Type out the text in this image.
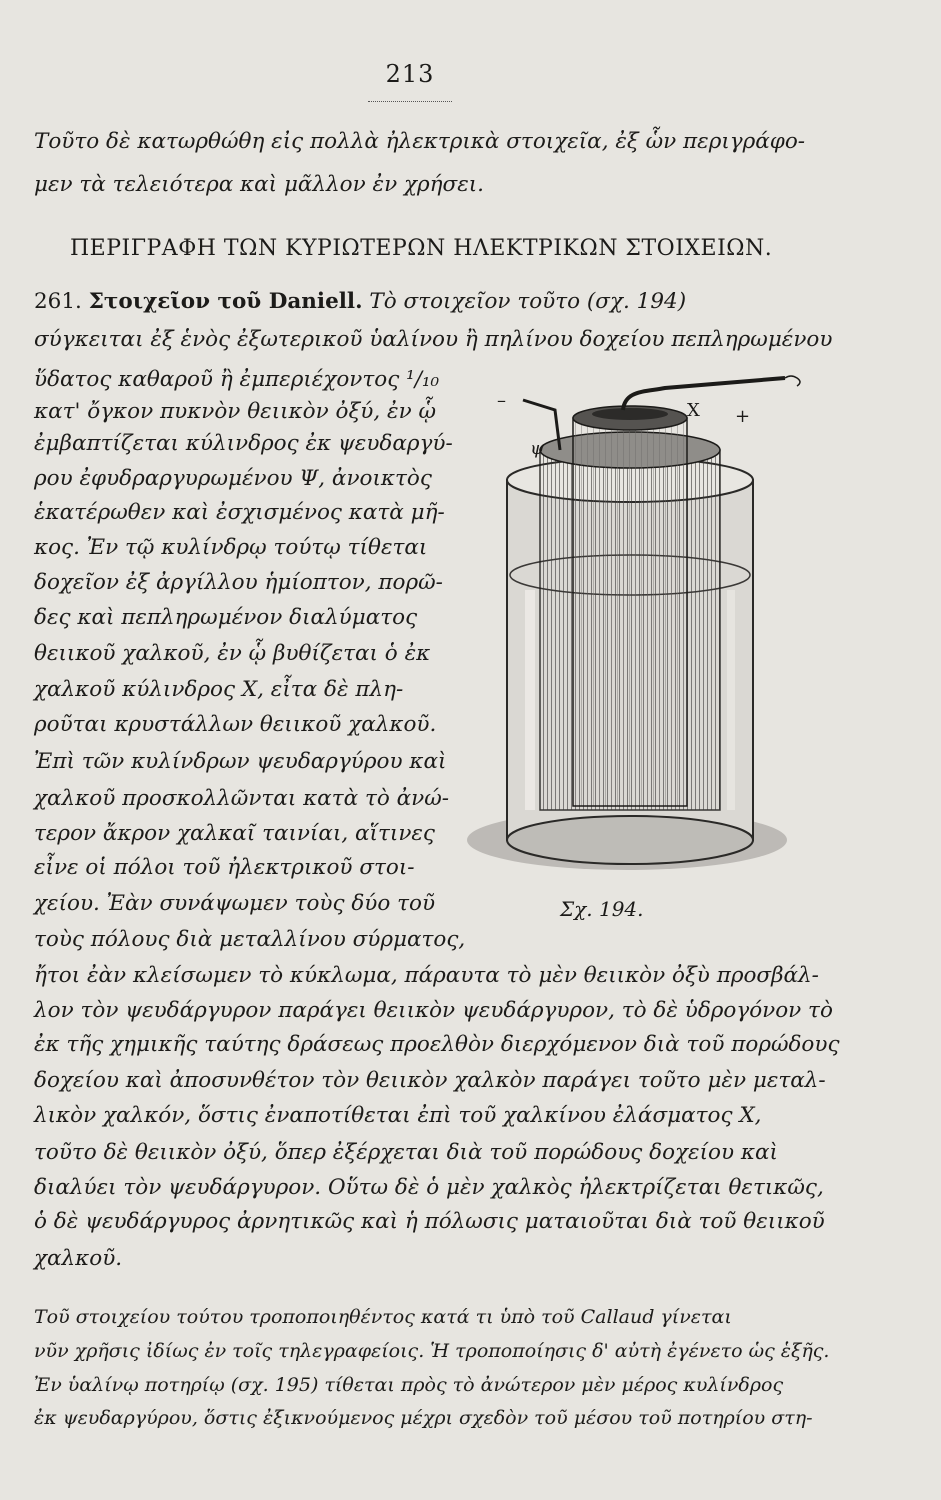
213
Τοῦτο δὲ κατωρθώθη εἰς πολλὰ ἠλεκτρικὰ στοιχεῖα, ἐξ ὧν περιγράφο-
μεν τὰ τελειότερα καὶ μᾶλλον ἐν χρήσει.
ΠΕΡΙΓΡΑΦΗ ΤΩΝ ΚΥΡΙΩΤΕΡΩΝ ΗΛΕΚΤΡΙΚΩΝ ΣΤΟΙΧΕΙΩΝ.
261. Στοιχεῖον τοῦ Daniell. Τὸ στοιχεῖον τοῦτο (σχ. 194)
σύγκειται ἐξ ἑνὸς ἐξωτερικοῦ ὑαλίνου ἢ πηλίνου δοχείου πεπληρωμένου
ὕδατος καθαροῦ ἢ ἐμπεριέχοντος ¹/₁₀
κατ' ὄγκον πυκνὸν θειικὸν ὀξύ, ἐν ᾧ
ἐμβαπτίζεται κύλινδρος ἐκ ψευδαργύ-
ρου ἐφυδραργυρωμένου Ψ, ἀνοικτὸς
ἑκατέρωθεν καὶ ἐσχισμένος κατὰ μῆ-
κος. Ἐν τῷ κυλίνδρῳ τούτῳ τίθεται
δοχεῖον ἐξ ἀργίλλου ἡμίοπτον, πορῶ-
δες καὶ πεπληρωμένον διαλύματος
θειικοῦ χαλκοῦ, ἐν ᾧ βυθίζεται ὁ ἐκ
χαλκοῦ κύλινδρος Χ, εἶτα δὲ πλη-
ροῦται κρυστάλλων θειικοῦ χαλκοῦ.
Ἐπὶ τῶν κυλίνδρων ψευδαργύρου καὶ
χαλκοῦ προσκολλῶνται κατὰ τὸ ἀνώ-
τερον ἄκρον χαλκαῖ ταινίαι, αἵτινες
εἶνε οἱ πόλοι τοῦ ἠλεκτρικοῦ στοι-
χείου. Ἐὰν συνάψωμεν τοὺς δύο τοῦ
τοὺς πόλους διὰ μεταλλίνου σύρματος,
ψ
X +
–
Σχ. 194.
ἤτοι ἐὰν κλείσωμεν τὸ κύκλωμα, πάραυτα τὸ μὲν θειικὸν ὀξὺ προσβάλ-
λον τὸν ψευδάργυρον παράγει θειικὸν ψευδάργυρον, τὸ δὲ ὑδρογόνον τὸ
ἐκ τῆς χημικῆς ταύτης δράσεως προελθὸν διερχόμενον διὰ τοῦ πορώδους
δοχείου καὶ ἀποσυνθέτον τὸν θειικὸν χαλκὸν παράγει τοῦτο μὲν μεταλ-
λικὸν χαλκόν, ὅστις ἐναποτίθεται ἐπὶ τοῦ χαλκίνου ἐλάσματος Χ,
τοῦτο δὲ θειικὸν ὀξύ, ὅπερ ἐξέρχεται διὰ τοῦ πορώδους δοχείου καὶ
διαλύει τὸν ψευδάργυρον. Οὕτω δὲ ὁ μὲν χαλκὸς ἠλεκτρίζεται θετικῶς,
ὁ δὲ ψευδάργυρος ἀρνητικῶς καὶ ἡ πόλωσις ματαιοῦται διὰ τοῦ θειικοῦ
χαλκοῦ.
Τοῦ στοιχείου τούτου τροποποιηθέντος κατά τι ὑπὸ τοῦ Callaud γίνεται
νῦν χρῆσις ἰδίως ἐν τοῖς τηλεγραφείοις. Ἡ τροποποίησις δ' αὐτὴ ἐγένετο ὡς ἑξῆς.
Ἐν ὑαλίνῳ ποτηρίῳ (σχ. 195) τίθεται πρὸς τὸ ἀνώτερον μὲν μέρος κυλίνδρος
ἐκ ψευδαργύρου, ὅστις ἐξικνούμενος μέχρι σχεδὸν τοῦ μέσου τοῦ ποτηρίου στη-
